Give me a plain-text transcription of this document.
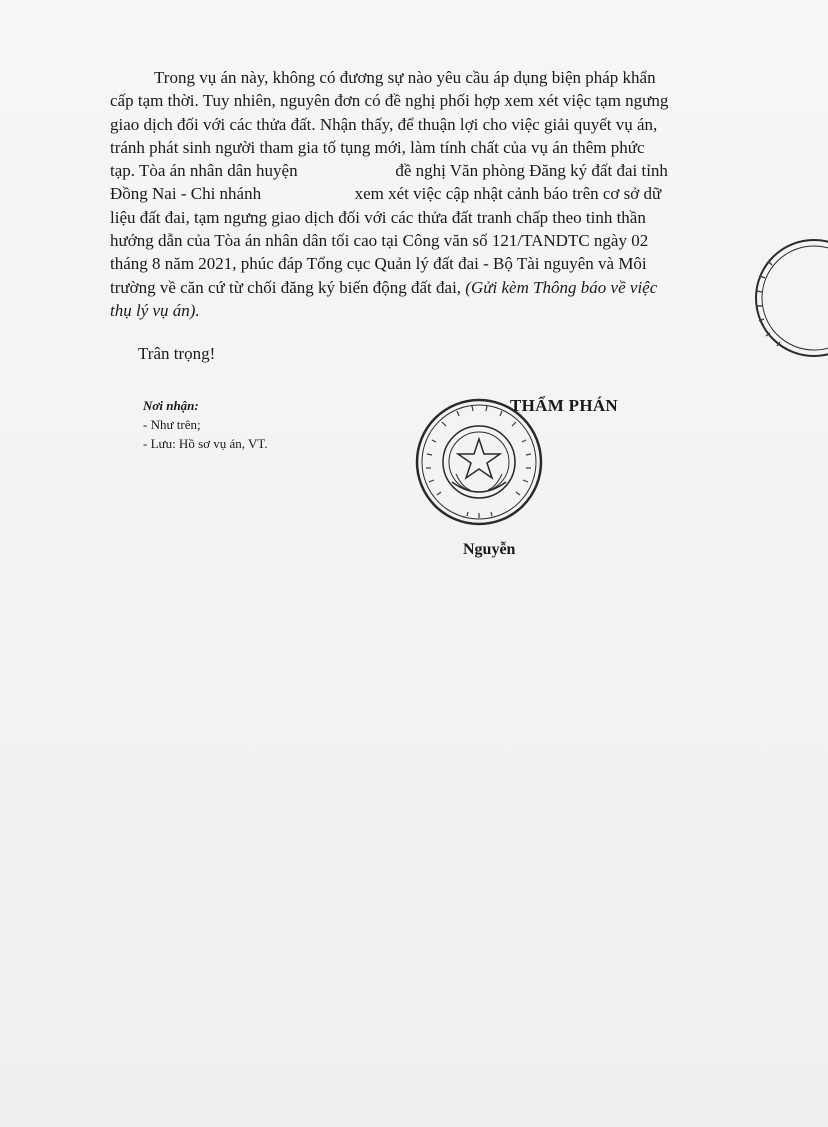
Trong vụ án này, không có đương sự nào yêu cầu áp dụng biện pháp khẩn
cấp tạm thời. Tuy nhiên, nguyên đơn có đề nghị phối hợp xem xét việc tạm ngưng
giao dịch đối với các thửa đất. Nhận thấy, để thuận lợi cho việc giải quyết vụ án,
tránh phát sinh người tham gia tố tụng mới, làm tính chất của vụ án thêm phức
tạp. Tòa án nhân dân huyện                       đề nghị Văn phòng Đăng ký đất đai tỉnh
Đồng Nai - Chi nhánh                      xem xét việc cập nhật cảnh báo trên cơ sở dữ
liệu đất đai, tạm ngưng giao dịch đối với các thửa đất tranh chấp theo tinh thần
hướng dẫn của Tòa án nhân dân tối cao tại Công văn số 121/TANDTC ngày 02
tháng 8 năm 2021, phúc đáp Tổng cục Quản lý đất đai - Bộ Tài nguyên và Môi
trường về căn cứ từ chối đăng ký biến động đất đai, (Gửi kèm Thông báo về việc
thụ lý vụ án).
Trân trọng!
Nơi nhận:
- Như trên;
- Lưu: Hồ sơ vụ án, VT.
THẨM PHÁN
Nguyễn
